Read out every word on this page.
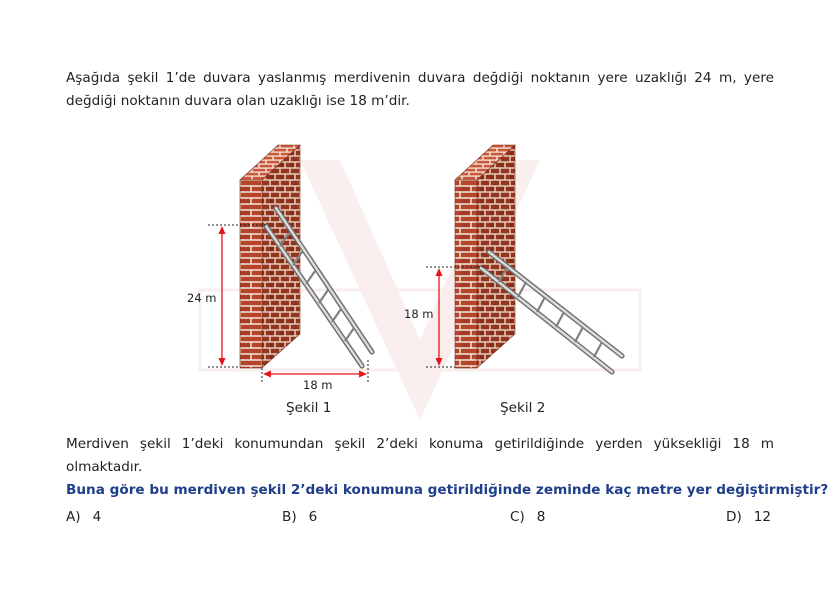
Aşağıda şekil 1’de duvara yaslanmış merdivenin duvara değdiği noktanın yere uzaklığı 24 m, yere değdiği noktanın duvara olan uzaklığı ise 18 m’dir.
24 m
18 m
18 m
Şekil 1	Şekil 2
Merdiven şekil 1’deki konumundan şekil 2’deki konuma getirildiğinde yerden yüksekliği 18 m olmaktadır.
Buna göre bu merdiven şekil 2’deki konumuna getirildiğinde zeminde kaç metre yer değiştirmiştir?
A) 4	B) 6	C) 8	D) 12
